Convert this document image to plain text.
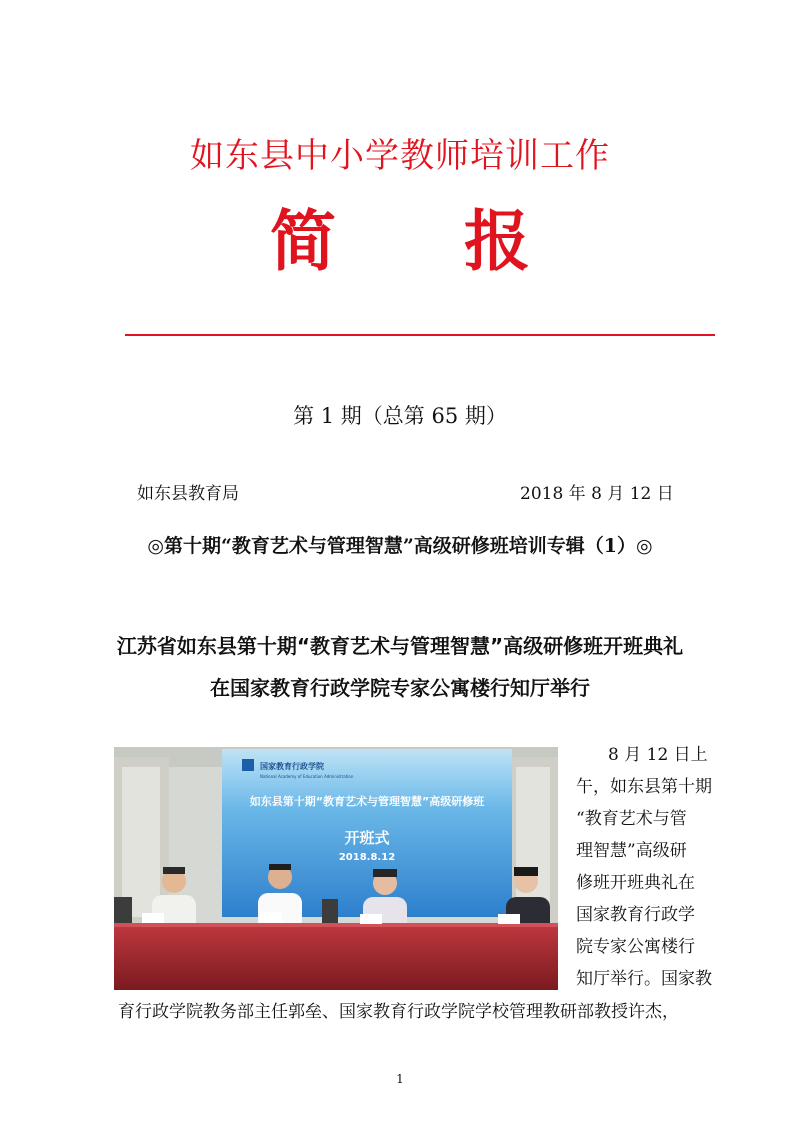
如东县中小学教师培训工作
简 报
第 1 期（总第 65 期）
如东县教育局	2018 年 8 月 12 日
◎第十期“教育艺术与管理智慧”高级研修班培训专辑（1）◎
江苏省如东县第十期“教育艺术与管理智慧”高级研修班开班典礼
在国家教育行政学院专家公寓楼行知厅举行
国家教育行政学院
National Academy of Education Administration
如东县第十期“教育艺术与管理智慧”高级研修班
开班式
2018.8.12

8 月 12 日上

午，如东县第十期

“教育艺术与管

理智慧”高级研

修班开班典礼在

国家教育行政学

院专家公寓楼行

知厅举行。国家教

育行政学院教务部主任郭垒、国家教育行政学院学校管理教研部教授许杰，
1
